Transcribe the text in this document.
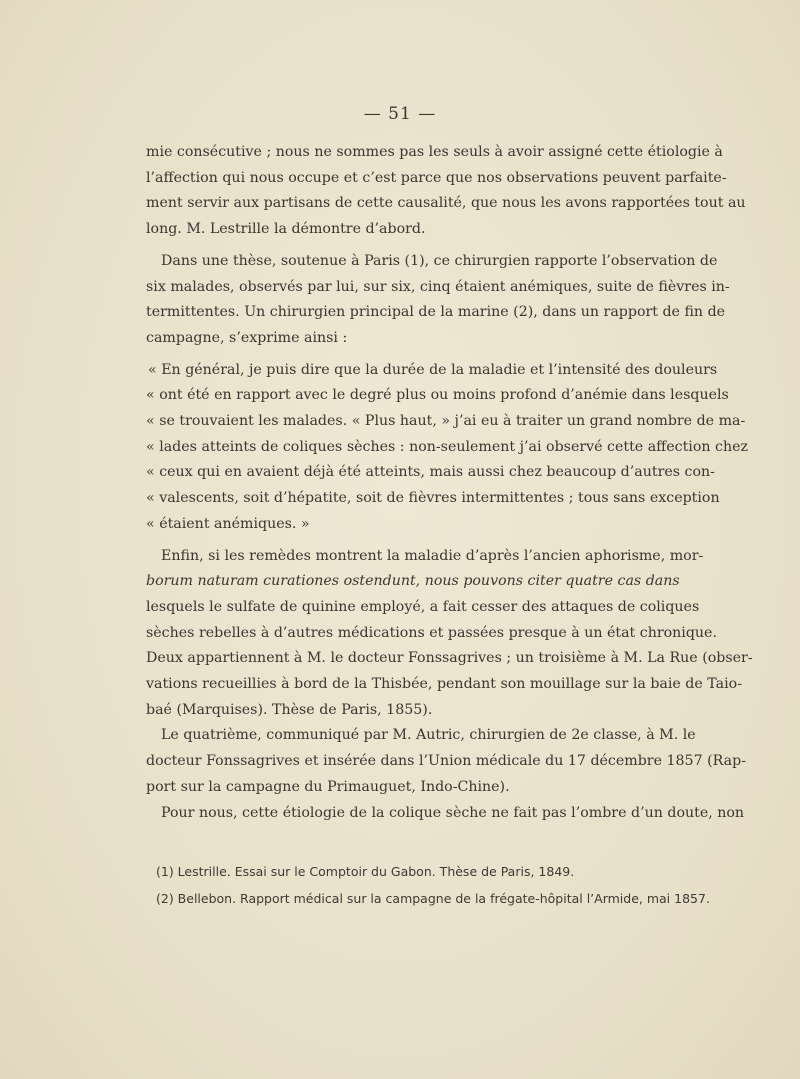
— 51 —
mie consécutive ; nous ne sommes pas les seuls à avoir assigné cette étiologie à
l’affection qui nous occupe et c’est parce que nos observations peuvent parfaite-
ment servir aux partisans de cette causalité, que nous les avons rapportées tout au
long. M. Lestrille la démontre d’abord.
Dans une thèse, soutenue à Paris (1), ce chirurgien rapporte l’observation de
six malades, observés par lui, sur six, cinq étaient anémiques, suite de fièvres in-
termittentes. Un chirurgien principal de la marine (2), dans un rapport de fin de
campagne, s’exprime ainsi :
« En général, je puis dire que la durée de la maladie et l’intensité des douleurs
« ont été en rapport avec le degré plus ou moins profond d’anémie dans lesquels
« se trouvaient les malades. « Plus haut, » j’ai eu à traiter un grand nombre de ma-
« lades atteints de coliques sèches : non-seulement j’ai observé cette affection chez
« ceux qui en avaient déjà été atteints, mais aussi chez beaucoup d’autres con-
« valescents, soit d’hépatite, soit de fièvres intermittentes ; tous sans exception
« étaient anémiques. »
Enfin, si les remèdes montrent la maladie d’après l’ancien aphorisme, mor-
borum naturam curationes ostendunt, nous pouvons citer quatre cas dans
lesquels le sulfate de quinine employé, a fait cesser des attaques de coliques
sèches rebelles à d’autres médications et passées presque à un état chronique.
Deux appartiennent à M. le docteur Fonssagrives ; un troisième à M. La Rue (obser-
vations recueillies à bord de la Thisbée, pendant son mouillage sur la baie de Taio-
baé (Marquises). Thèse de Paris, 1855).
Le quatrième, communiqué par M. Autric, chirurgien de 2e classe, à M. le
docteur Fonssagrives et insérée dans l’Union médicale du 17 décembre 1857 (Rap-
port sur la campagne du Primauguet, Indo-Chine).
Pour nous, cette étiologie de la colique sèche ne fait pas l’ombre d’un doute, non
(1) Lestrille. Essai sur le Comptoir du Gabon. Thèse de Paris, 1849.
(2) Bellebon. Rapport médical sur la campagne de la frégate-hôpital l’Armide, mai 1857.
